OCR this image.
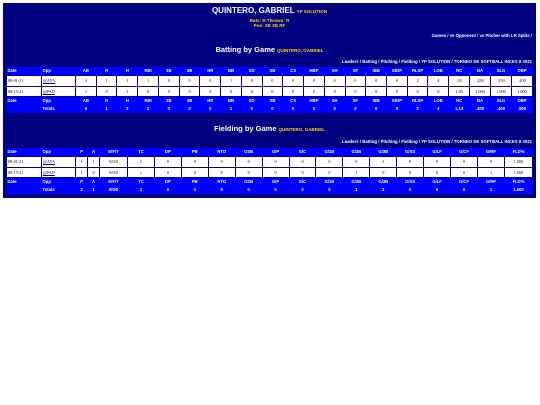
QUINTERO, GABRIEL YP SOLUTION
Bats: R Throws: R
Pos: 2B 3B RF
Games / vs Opponent / vs Pitcher with LR Splits /
Batting by Game QUINTERO, GABRIEL
Leaders / Batting / Pitching / Fielding / YP SOLUTION / TORNEO DE SOFTBALL INCES II 2021
Date	Opp	AB	R	H	RBI	2B	3B	HR	BB	SO	SB	CS	HBP	SH	SF	IBB	GIDP	RLSP	LOB	RC	BA	SLG	OBP
08-01-21	@AYA	4	1	1	1	0	0	0	1	0	0	0	0	0	0	0	0	2	4	.50	.250	.250	.400
08-15-21	@PAD	1	0	1	0	0	0	0	0	0	0	0	0	0	0	0	0	0	0	1.00	1.000	1.000	1.000
Date	Opp	AB	R	H	RBI	2B	3B	HR	BB	SO	SB	CS	HBP	SH	SF	IBB	GIDP	RLSP	LOB	RC	BA	SLG	OBP
	Totals	5	1	2	1	0	0	0	1	0	0	0	0	0	0	0	0	2	4	1.13	.400	.400	.500
Fielding by Game QUINTERO, GABRIEL
Leaders / Batting / Pitching / Fielding / YP SOLUTION / TORNEO DE SOFTBALL INCES II 2021
Date	Opp	P	A	E/F/T	TC	DP	PB	RTO	OSB	G/P	G/C	G/1B	G/2B	G/3B	G/SS	G/LF	G/CF	G/RF	FLD%
08-01-21	@AYA	1	1	0/0/0	2	0	0	0	0	0	0	0	0	1	0	0	0	0	1.000
08-15-21	@PAD	1	0	0/0/0	1	0	0	0	0	0	0	0	1	0	0	0	0	1	1.000
Date	Opp	P	A	E/F/T	TC	DP	PB	RTO	OSB	G/P	G/C	G/1B	G/2B	G/3B	G/SS	G/LF	G/CF	G/RF	FLD%
	Totals	2	1	0/0/0	3	0	0	0	0	0	0	0	1	1	0	0	0	1	1.000
